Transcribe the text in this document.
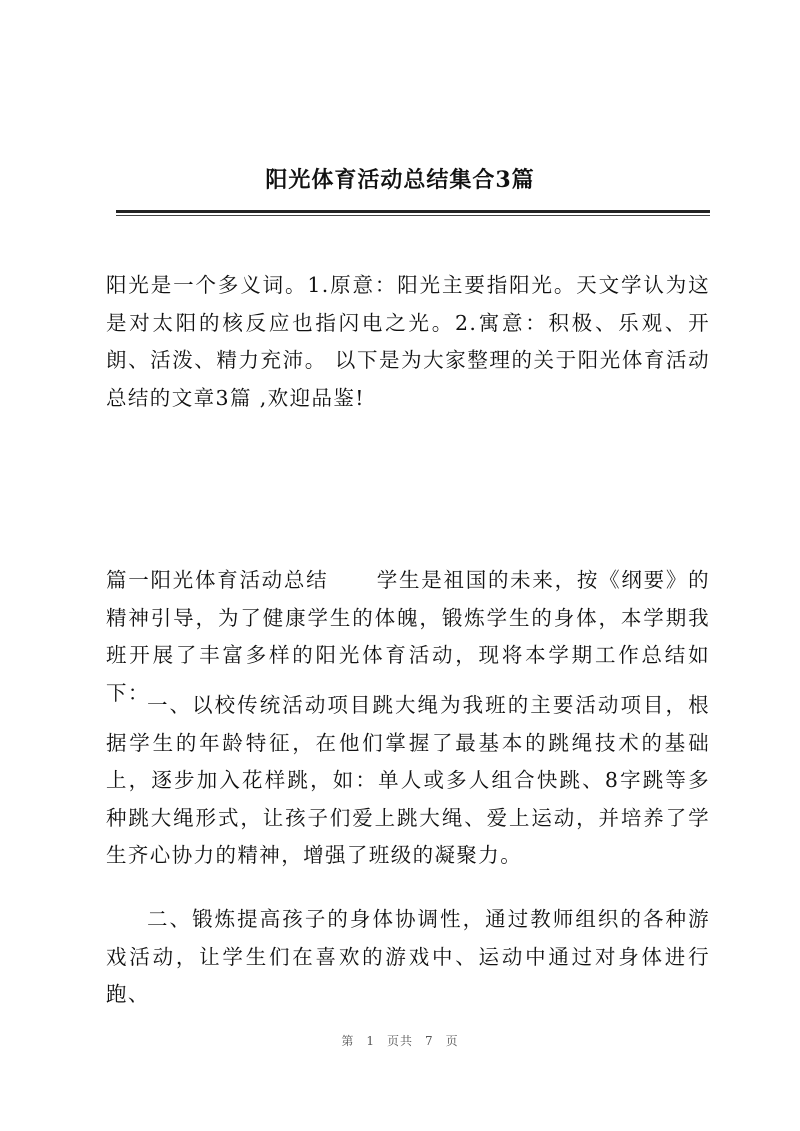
阳光体育活动总结集合3篇

阳光是一个多义词。1.原意：阳光主要指阳光。天文学认为这是对太阳的核反应也指闪电之光。2.寓意：积极、乐观、开朗、活泼、精力充沛。 以下是为大家整理的关于阳光体育活动总结的文章3篇 ,欢迎品鉴!

篇一阳光体育活动总结 学生是祖国的未来，按《纲要》的精神引导，为了健康学生的体魄，锻炼学生的身体，本学期我班开展了丰富多样的阳光体育活动，现将本学期工作总结如下：

一、以校传统活动项目跳大绳为我班的主要活动项目，根据学生的年龄特征，在他们掌握了最基本的跳绳技术的基础上，逐步加入花样跳，如：单人或多人组合快跳、8字跳等多种跳大绳形式，让孩子们爱上跳大绳、爱上运动，并培养了学生齐心协力的精神，增强了班级的凝聚力。

二、锻炼提高孩子的身体协调性，通过教师组织的各种游戏活动，让学生们在喜欢的游戏中、运动中通过对身体进行跑、

第 1 页共 7 页
